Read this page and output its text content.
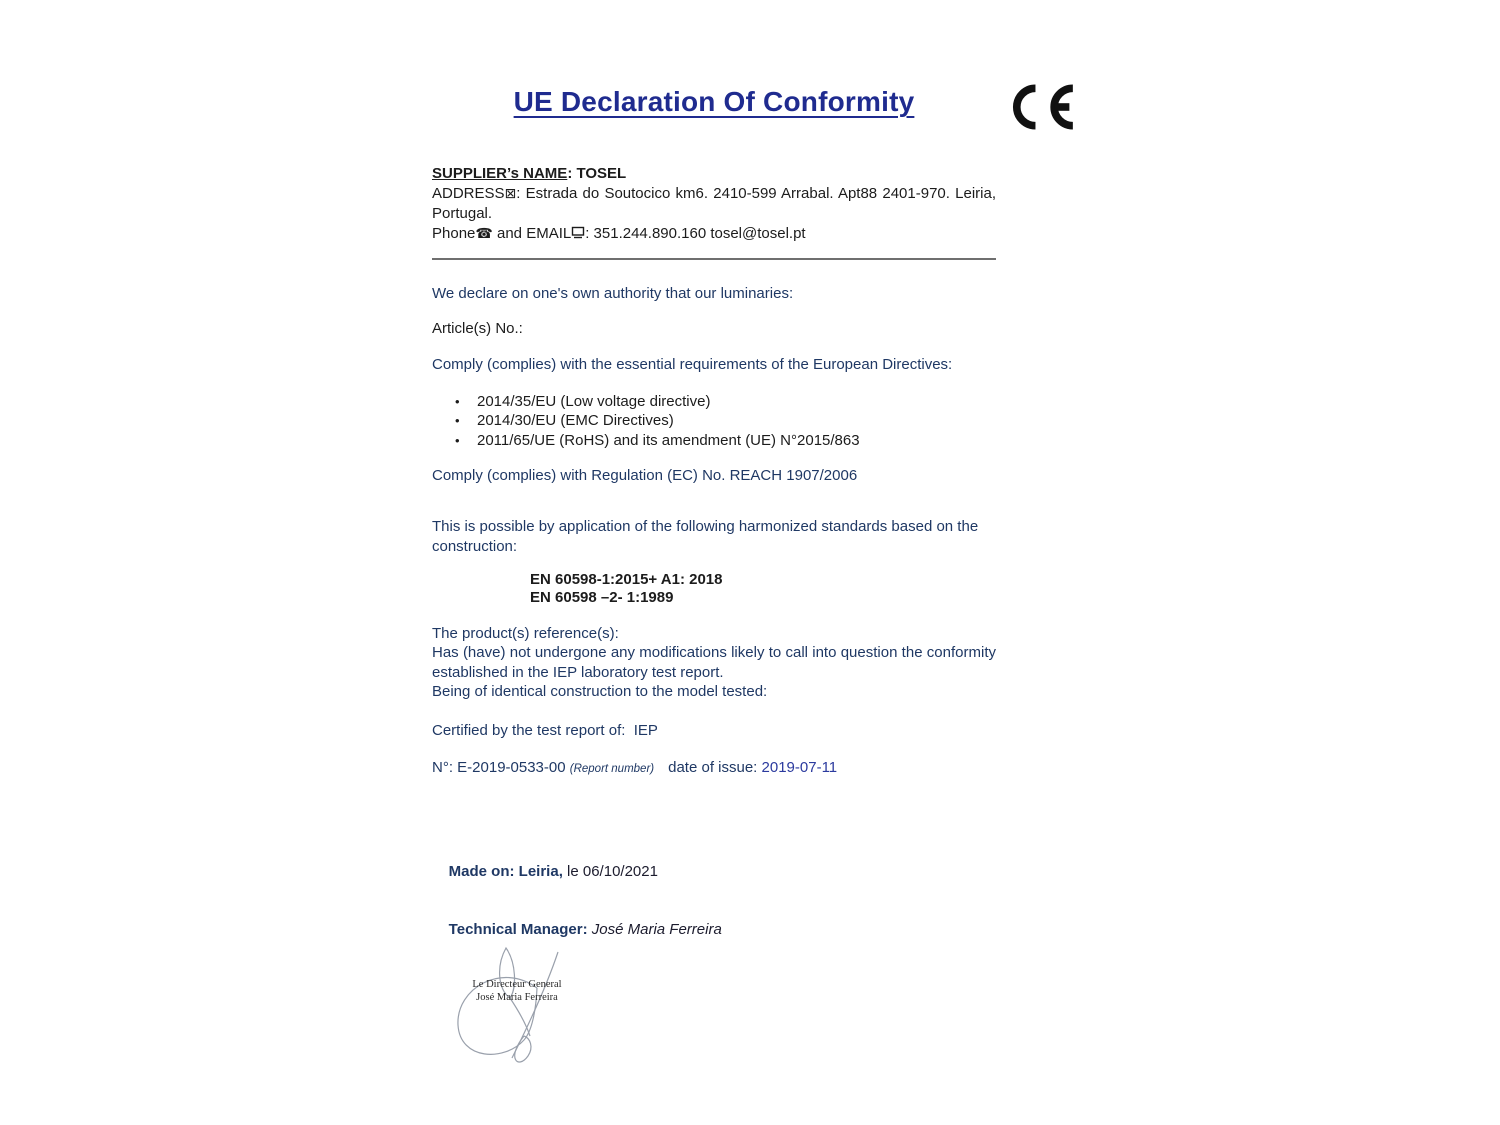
UE Declaration Of Conformity
SUPPLIER’s NAME: TOSEL
ADDRESS⊠: Estrada do Soutocico km6. 2410-599 Arrabal. Apt88 2401-970. Leiria, Portugal.
Phone☎ and EMAIL : 351.244.890.160 tosel@tosel.pt

We declare on one's own authority that our luminaries:

Article(s) No.:

Comply (complies) with the essential requirements of the European Directives:

• 2014/35/EU (Low voltage directive)
• 2014/30/EU (EMC Directives)
• 2011/65/UE (RoHS) and its amendment (UE) N°2015/863

Comply (complies) with Regulation (EC) No. REACH 1907/2006

This is possible by application of the following harmonized standards based on the construction:

EN 60598-1:2015+ A1: 2018
EN 60598 –2- 1:1989

The product(s) reference(s):

Has (have) not undergone any modifications likely to call into question the conformity established in the IEP laboratory test report.

Being of identical construction to the model tested:

Certified by the test report of:  IEP

N°: E-2019-0533-00 (Report number) date of issue: 2019-07-11

Made on: Leiria, le 06/10/2021

Technical Manager: José Maria Ferreira

Le Directeur General
José Maria Ferreira
